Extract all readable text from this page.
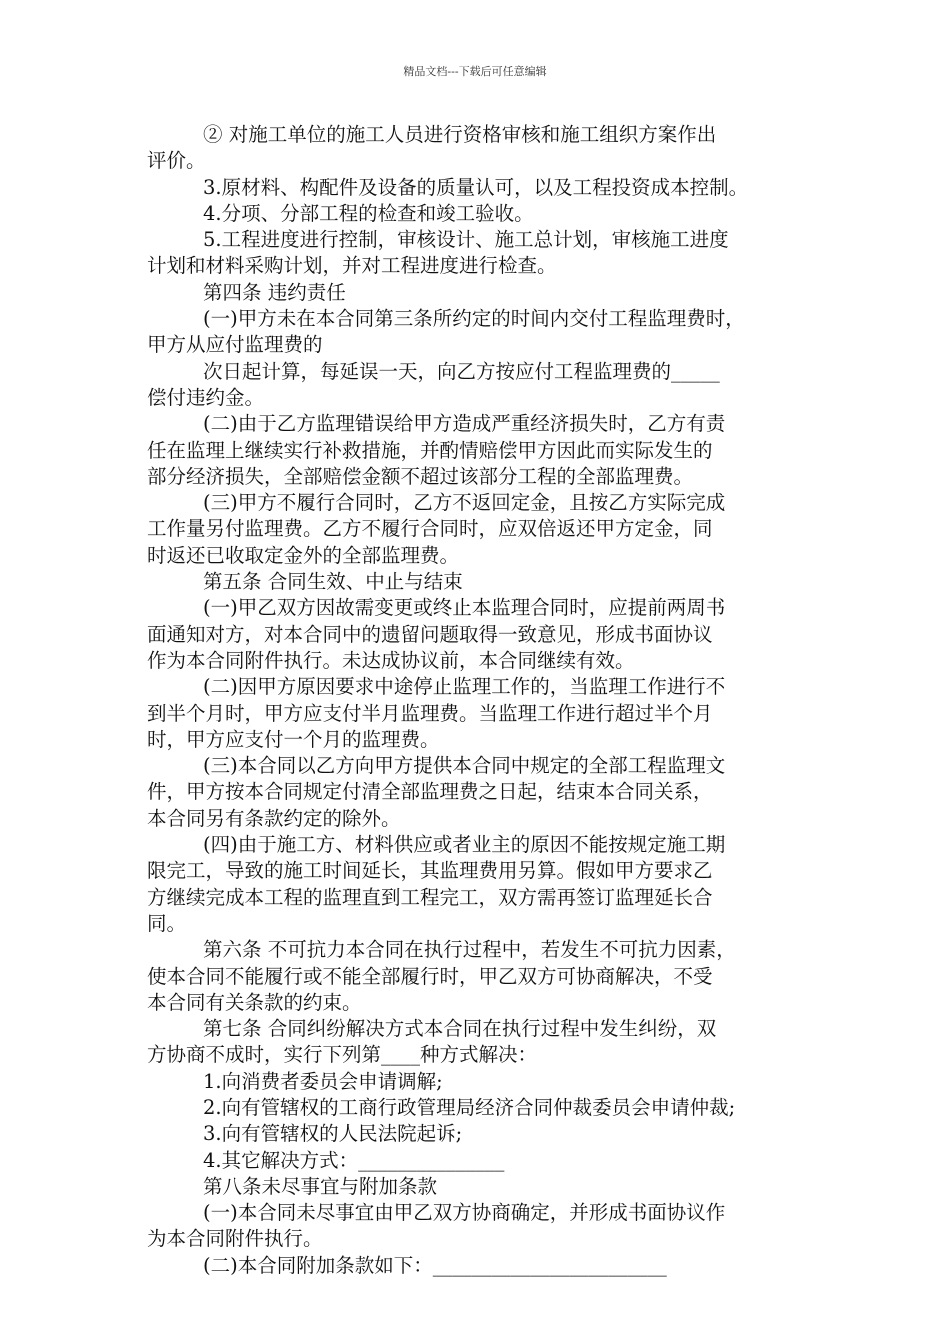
精品文档---下载后可任意编辑
② 对施工单位的施工人员进行资格审核和施工组织方案作出
评价。
3.原材料、构配件及设备的质量认可，以及工程投资成本控制。
4.分项、分部工程的检查和竣工验收。
5.工程进度进行控制，审核设计、施工总计划，审核施工进度
计划和材料采购计划，并对工程进度进行检查。
第四条 违约责任
(一)甲方未在本合同第三条所约定的时间内交付工程监理费时，
甲方从应付监理费的
次日起计算，每延误一天，向乙方按应付工程监理费的_____
偿付违约金。
(二)由于乙方监理错误给甲方造成严重经济损失时，乙方有责
任在监理上继续实行补救措施，并酌情赔偿甲方因此而实际发生的
部分经济损失，全部赔偿金额不超过该部分工程的全部监理费。
(三)甲方不履行合同时，乙方不返回定金，且按乙方实际完成
工作量另付监理费。乙方不履行合同时，应双倍返还甲方定金，同
时返还已收取定金外的全部监理费。
第五条 合同生效、中止与结束
(一)甲乙双方因故需变更或终止本监理合同时，应提前两周书
面通知对方，对本合同中的遗留问题取得一致意见，形成书面协议
作为本合同附件执行。未达成协议前，本合同继续有效。
(二)因甲方原因要求中途停止监理工作的，当监理工作进行不
到半个月时，甲方应支付半月监理费。当监理工作进行超过半个月
时，甲方应支付一个月的监理费。
(三)本合同以乙方向甲方提供本合同中规定的全部工程监理文
件，甲方按本合同规定付清全部监理费之日起，结束本合同关系，
本合同另有条款约定的除外。
(四)由于施工方、材料供应或者业主的原因不能按规定施工期
限完工，导致的施工时间延长，其监理费用另算。假如甲方要求乙
方继续完成本工程的监理直到工程完工，双方需再签订监理延长合
同。
第六条 不可抗力本合同在执行过程中，若发生不可抗力因素，
使本合同不能履行或不能全部履行时，甲乙双方可协商解决，不受
本合同有关条款的约束。
第七条 合同纠纷解决方式本合同在执行过程中发生纠纷，双
方协商不成时，实行下列第____种方式解决：
1.向消费者委员会申请调解;
2.向有管辖权的工商行政管理局经济合同仲裁委员会申请仲裁;
3.向有管辖权的人民法院起诉;
4.其它解决方式：_______________
第八条未尽事宜与附加条款
(一)本合同未尽事宜由甲乙双方协商确定，并形成书面协议作
为本合同附件执行。
(二)本合同附加条款如下：________________________
